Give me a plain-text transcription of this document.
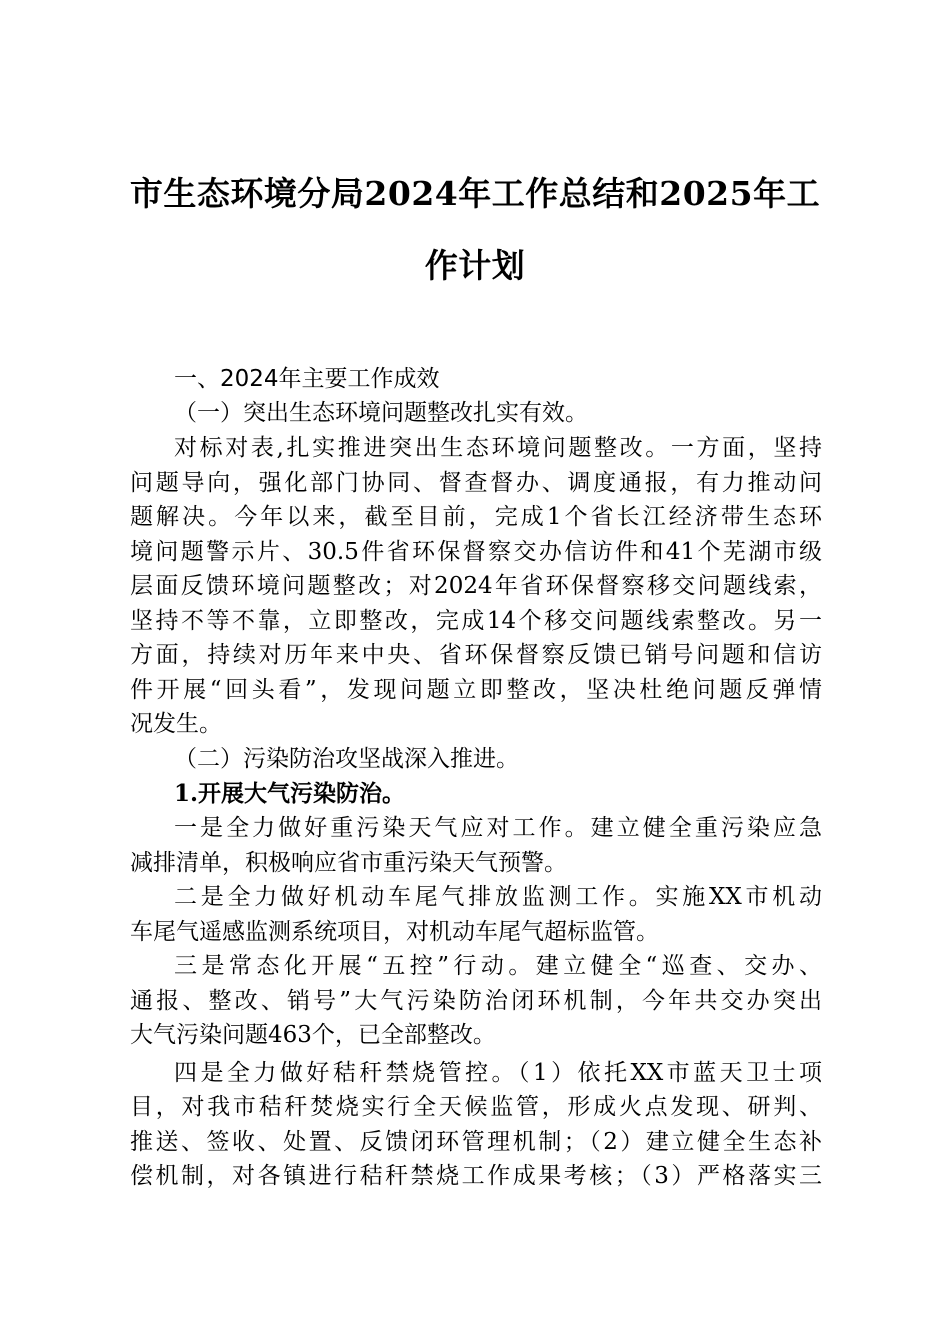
市生态环境分局2024年工作总结和2025年工
作计划
一、2024年主要工作成效
（一）突出生态环境问题整改扎实有效。
对标对表,扎实推进突出生态环境问题整改。一方面，坚持
问题导向，强化部门协同、督查督办、调度通报，有力推动问
题解决。今年以来，截至目前，完成1个省长江经济带生态环
境问题警示片、30.5件省环保督察交办信访件和41个芜湖市级
层面反馈环境问题整改；对2024年省环保督察移交问题线索，
坚持不等不靠，立即整改，完成14个移交问题线索整改。另一
方面，持续对历年来中央、省环保督察反馈已销号问题和信访
件开展“回头看”，发现问题立即整改，坚决杜绝问题反弹情
况发生。
（二）污染防治攻坚战深入推进。
1.开展大气污染防治。
一是全力做好重污染天气应对工作。建立健全重污染应急
减排清单，积极响应省市重污染天气预警。
二是全力做好机动车尾气排放监测工作。实施XX市机动
车尾气遥感监测系统项目，对机动车尾气超标监管。
三是常态化开展“五控”行动。建立健全“巡查、交办、
通报、整改、销号”大气污染防治闭环机制，今年共交办突出
大气污染问题463个，已全部整改。
四是全力做好秸秆禁烧管控。（1）依托XX市蓝天卫士项
目，对我市秸秆焚烧实行全天候监管，形成火点发现、研判、
推送、签收、处置、反馈闭环管理机制；（2）建立健全生态补
偿机制，对各镇进行秸秆禁烧工作成果考核；（3）严格落实三
